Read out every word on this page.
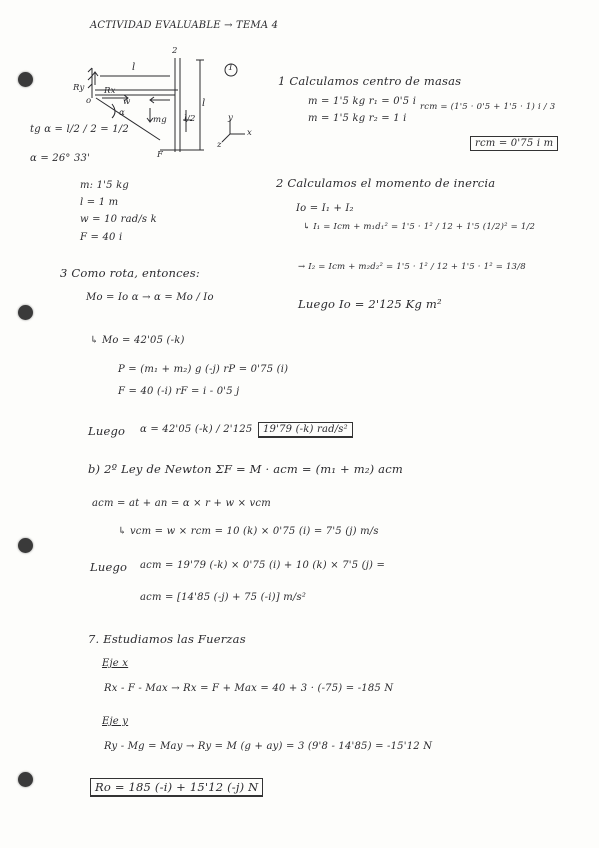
ACTIVIDAD EVALUABLE → TEMA 4
2
1
l
l
l/2
Ry Rx
w
F
mg	y
x
z
o
α
tg α = l/2 / 2 = 1/2
α = 26° 33'
m: 1'5 kg
l = 1 m
w = 10 rad/s k
F = 40 i
1 Calculamos centro de masas
m = 1'5 kg r₁ = 0'5 i
m = 1'5 kg r₂ = 1 i
rcm = (1'5 · 0'5 + 1'5 · 1) i / 3
rcm = 0'75 i m
2 Calculamos el momento de inercia
Io = I₁ + I₂
↳ I₁ = Icm + m₁d₁² = 1'5 · 1² / 12 + 1'5 (1/2)² = 1/2
→ I₂ = Icm + m₂d₂² = 1'5 · 1² / 12 + 1'5 · 1² = 13/8
Luego Io = 2'125 Kg m²
3 Como rota, entonces:
Mo = Io α → α = Mo / Io
↳ Mo = 42'05 (-k)
P = (m₁ + m₂) g (-j) rP = 0'75 (i)
F = 40 (-i) rF = i - 0'5 j
Luego α = 42'05 (-k) / 2'125	19'79 (-k) rad/s²
b) 2º Ley de Newton ΣF = M · acm = (m₁ + m₂) acm
acm = at + an = α × r + w × vcm
↳ vcm = w × rcm = 10 (k) × 0'75 (i) = 7'5 (j) m/s
Luego acm = 19'79 (-k) × 0'75 (i) + 10 (k) × 7'5 (j) =
acm = [14'85 (-j) + 75 (-i)] m/s²
7. Estudiamos las Fuerzas
Eje x
Rx - F - Max → Rx = F + Max = 40 + 3 · (-75) = -185 N
Eje y
Ry - Mg = May → Ry = M (g + ay) = 3 (9'8 - 14'85) = -15'12 N
Ro = 185 (-i) + 15'12 (-j) N
